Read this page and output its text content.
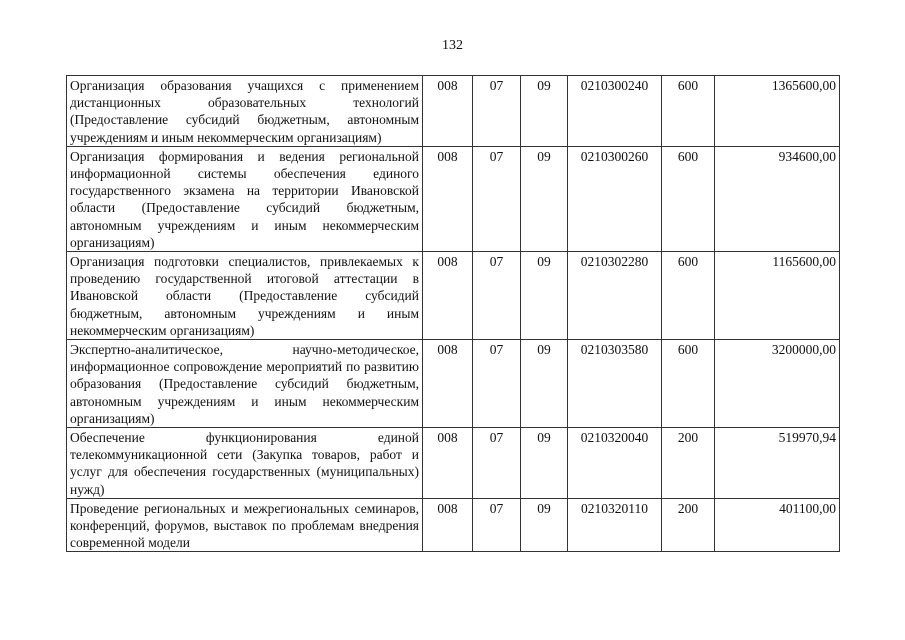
132
Организация образования учащихся с применением дистанционных образовательных технологий (Предоставление субсидий бюджетным, автономным учреждениям и иным некоммерческим организациям)	008	07	09	0210300240	600	1365600,00
Организация формирования и ведения региональной информационной системы обеспечения единого государственного экзамена на территории Ивановской области (Предоставление субсидий бюджетным, автономным учреждениям и иным некоммерческим организациям)	008	07	09	0210300260	600	934600,00
Организация подготовки специалистов, привлекаемых к проведению государственной итоговой аттестации в Ивановской области (Предоставление субсидий бюджетным, автономным учреждениям и иным некоммерческим организациям)	008	07	09	0210302280	600	1165600,00
Экспертно-аналитическое, научно-методическое, информационное сопровождение мероприятий по развитию образования (Предоставление субсидий бюджетным, автономным учреждениям и иным некоммерческим организациям)	008	07	09	0210303580	600	3200000,00
Обеспечение функционирования единой телекоммуникационной сети (Закупка товаров, работ и услуг для обеспечения государственных (муниципальных) нужд)	008	07	09	0210320040	200	519970,94
Проведение региональных и межрегиональных семинаров, конференций, форумов, выставок по проблемам внедрения современной модели	008	07	09	0210320110	200	401100,00
